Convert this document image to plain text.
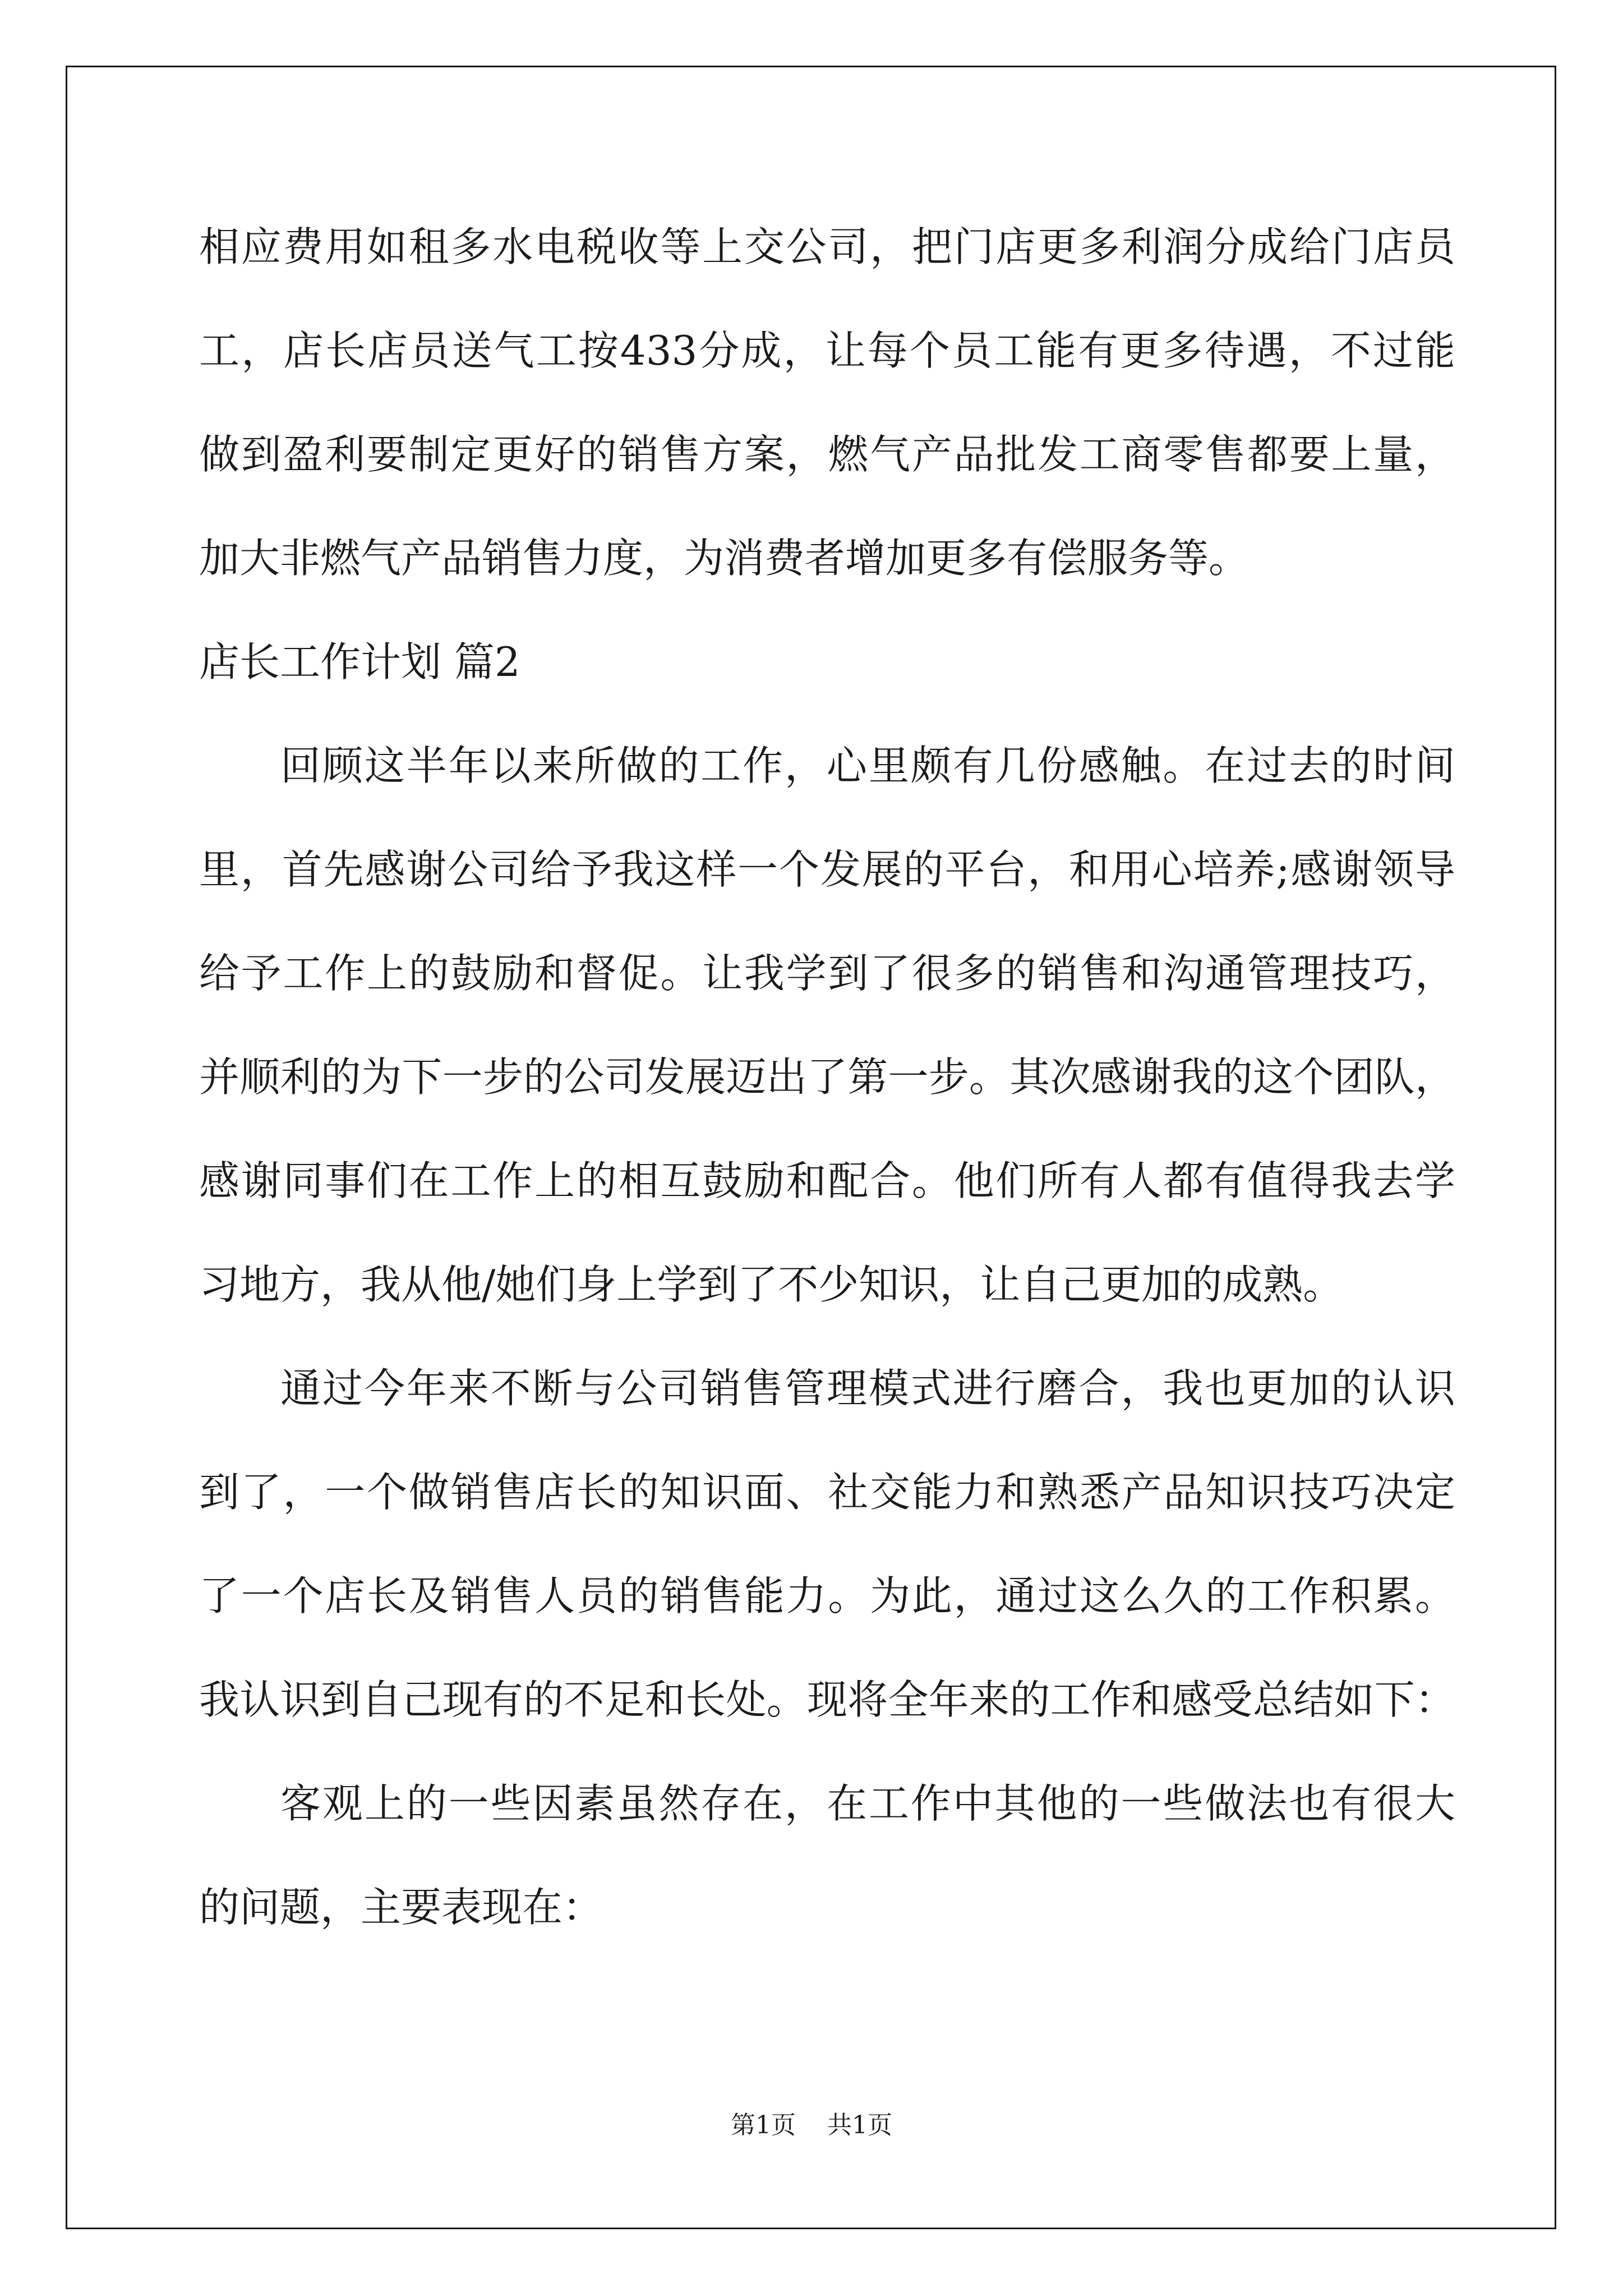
相应费用如租多水电税收等上交公司，把门店更多利润分成给门店员
工，店长店员送气工按433分成，让每个员工能有更多待遇，不过能
做到盈利要制定更好的销售方案，燃气产品批发工商零售都要上量，
加大非燃气产品销售力度，为消费者增加更多有偿服务等。
店长工作计划 篇2
回顾这半年以来所做的工作，心里颇有几份感触。在过去的时间
里，首先感谢公司给予我这样一个发展的平台，和用心培养;感谢领导
给予工作上的鼓励和督促。让我学到了很多的销售和沟通管理技巧，
并顺利的为下一步的公司发展迈出了第一步。其次感谢我的这个团队，
感谢同事们在工作上的相互鼓励和配合。他们所有人都有值得我去学
习地方，我从他/她们身上学到了不少知识，让自己更加的成熟。
通过今年来不断与公司销售管理模式进行磨合，我也更加的认识
到了，一个做销售店长的知识面、社交能力和熟悉产品知识技巧决定
了一个店长及销售人员的销售能力。为此，通过这么久的工作积累。
我认识到自己现有的不足和长处。现将全年来的工作和感受总结如下：
客观上的一些因素虽然存在，在工作中其他的一些做法也有很大
的问题，主要表现在：
第1页 共1页
